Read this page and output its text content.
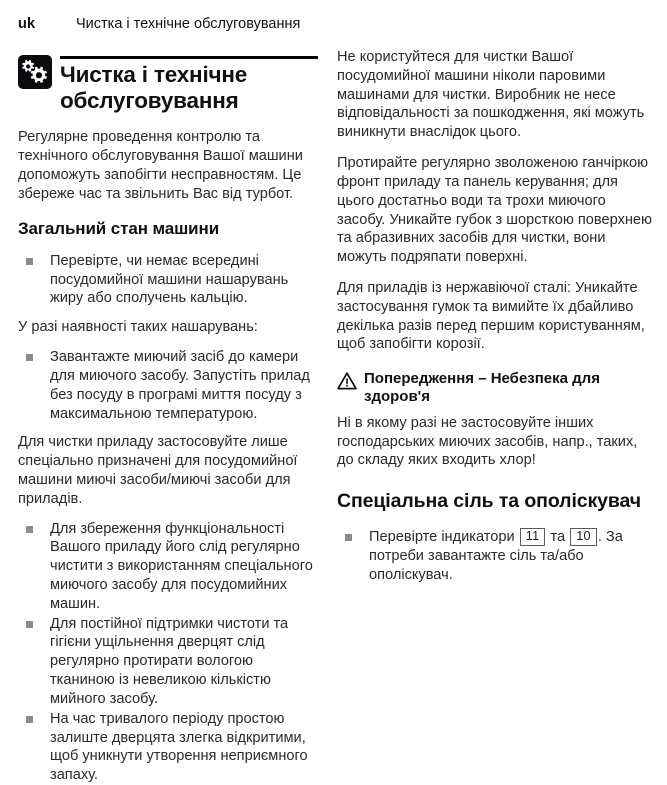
uk	Чистка і технічне обслуговування
Чистка і технічне обслуговування

Регулярне проведення контролю та технічного обслуговування Вашої машини допоможуть запобігти несправностям. Це збереже час та звільнить Вас від турбот.

Загальний стан машини
Перевірте, чи немає всередині посудомийної машини нашарувань жиру або сполучень кальцію.

У разі наявності таких нашарувань:

Завантажте миючий засіб до камери для миючого засобу. Запустіть прилад без посуду в програмі миття посуду з максимальною температурою.

Для чистки приладу застосовуйте лише спеціально призначені для посудомийної машини миючі засоби/миючі засоби для приладів.

Для збереження функціональності Вашого приладу його слід регулярно чистити з використанням спеціального миючого засобу для посудомийних машин.
Для постійної підтримки чистоти та гігієни ущільнення дверцят слід регулярно протирати вологою тканиною із невеликою кількістю мийного засобу.
На час тривалого періоду простою залиште дверцята злегка відкритими, щоб уникнути утворення неприємного запаху.

Не користуйтеся для чистки Вашої посудомийної машини ніколи паровими машинами для чистки. Виробник не несе відповідальності за пошкодження, які можуть виникнути внаслідок цього.

Протирайте регулярно зволоженою ганчіркою фронт приладу та панель керування; для цього достатньо води та трохи миючого засобу. Уникайте губок з шорсткою поверхнею та абразивних засобів для чистки, вони можуть подряпати поверхні.

Для приладів із нержавіючої сталі: Уникайте застосування гумок та вимийте їх дбайливо декілька разів перед першим користуванням, щоб запобігти корозії.

Попередження – Небезпека для здоров'я

Ні в якому разі не застосовуйте інших господарських миючих засобів, напр., таких, до складу яких входить хлор!

Спеціальна сіль та ополіскувач
Перевірте індикатори 11 та 10 . За потреби завантажте сіль та/або ополіскувач.
